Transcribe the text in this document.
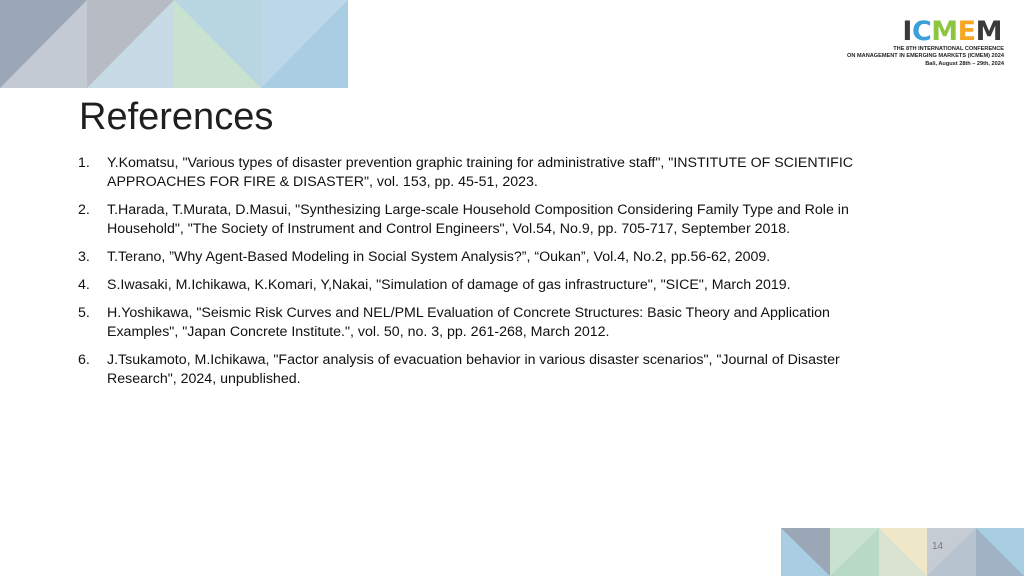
ICMEM
THE 8TH INTERNATIONAL CONFERENCE
ON MANAGEMENT IN EMERGING MARKETS (ICMEM) 2024
Bali, August 28th – 29th, 2024
References
1. Y.Komatsu, "Various types of disaster prevention graphic training for administrative staff", "INSTITUTE OF SCIENTIFIC
APPROACHES FOR FIRE & DISASTER", vol. 153, pp. 45-51, 2023.
2. T.Harada, T.Murata, D.Masui, "Synthesizing Large-scale Household Composition Considering Family Type and Role in
Household", "The Society of Instrument and Control Engineers", Vol.54, No.9, pp. 705-717, September 2018.
3. T.Terano, ”Why Agent-Based Modeling in Social System Analysis?”, “Oukan”, Vol.4, No.2, pp.56-62, 2009.
4. S.Iwasaki, M.Ichikawa, K.Komari, Y,Nakai, "Simulation of damage of gas infrastructure", "SICE", March 2019.
5. H.Yoshikawa, "Seismic Risk Curves and NEL/PML Evaluation of Concrete Structures: Basic Theory and Application
Examples", "Japan Concrete Institute.", vol. 50, no. 3, pp. 261-268, March 2012.
6. J.Tsukamoto, M.Ichikawa, "Factor analysis of evacuation behavior in various disaster scenarios", "Journal of Disaster
Research", 2024, unpublished.
14
